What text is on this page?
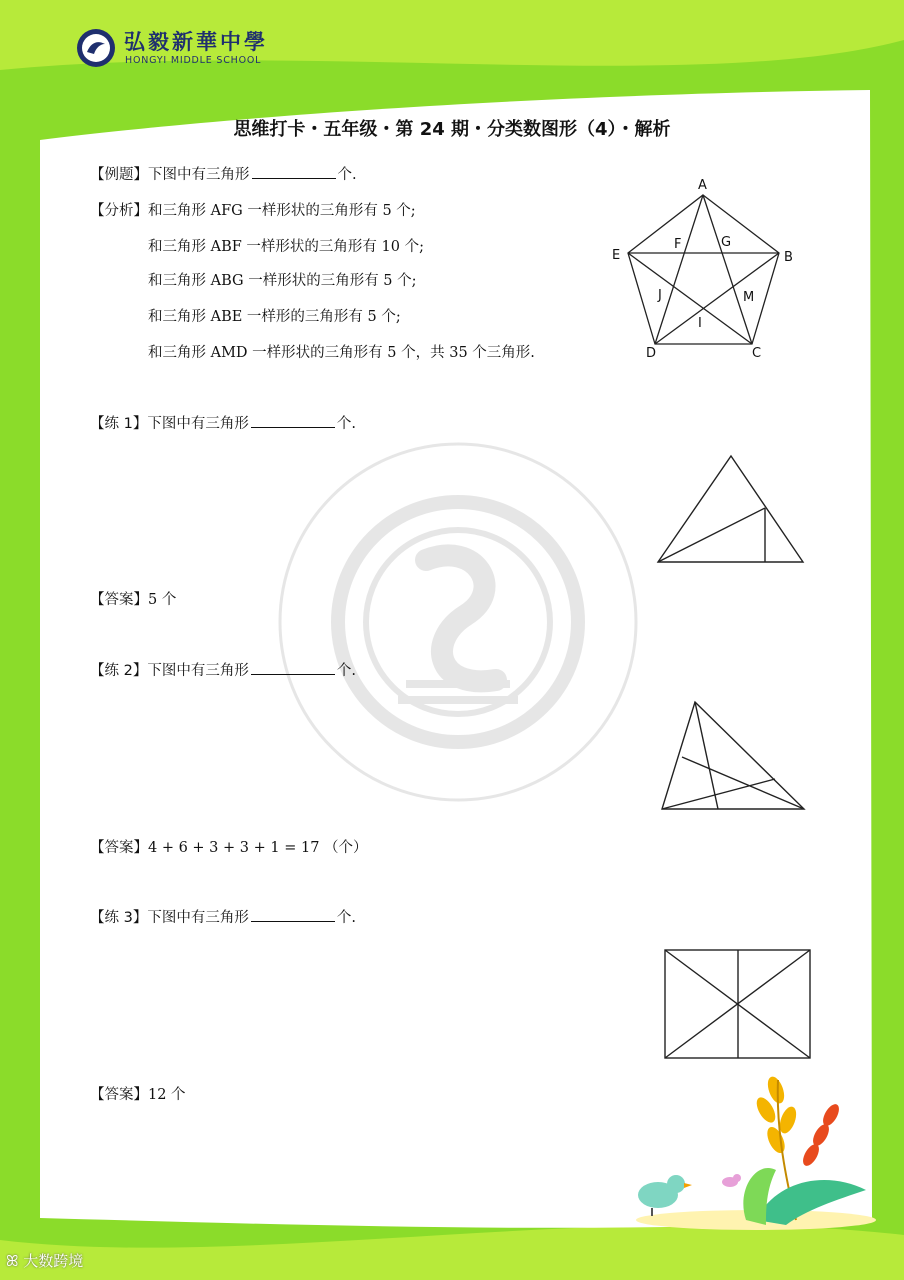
弘毅新華中學
HONGYI MIDDLE SCHOOL
思维打卡・五年级・第 24 期・分类数图形（4）・解析
【例题】下图中有三角形	个.
【分析】和三角形 AFG 一样形状的三角形有 5 个;
和三角形 ABF 一样形状的三角形有 10 个;
和三角形 ABG 一样形状的三角形有 5 个;
和三角形 ABE 一样形的三角形有 5 个;
和三角形 AMD 一样形状的三角形有 5 个，共 35 个三角形.
A
B
C
D
E
F	G
M
I
J
【练 1】下图中有三角形	个.
【答案】5 个
【练 2】下图中有三角形	个.
【答案】4 + 6 + 3 + 3 + 1 = 17 （个）
【练 3】下图中有三角形	个.
【答案】12 个
ꕤ 大数跨境
